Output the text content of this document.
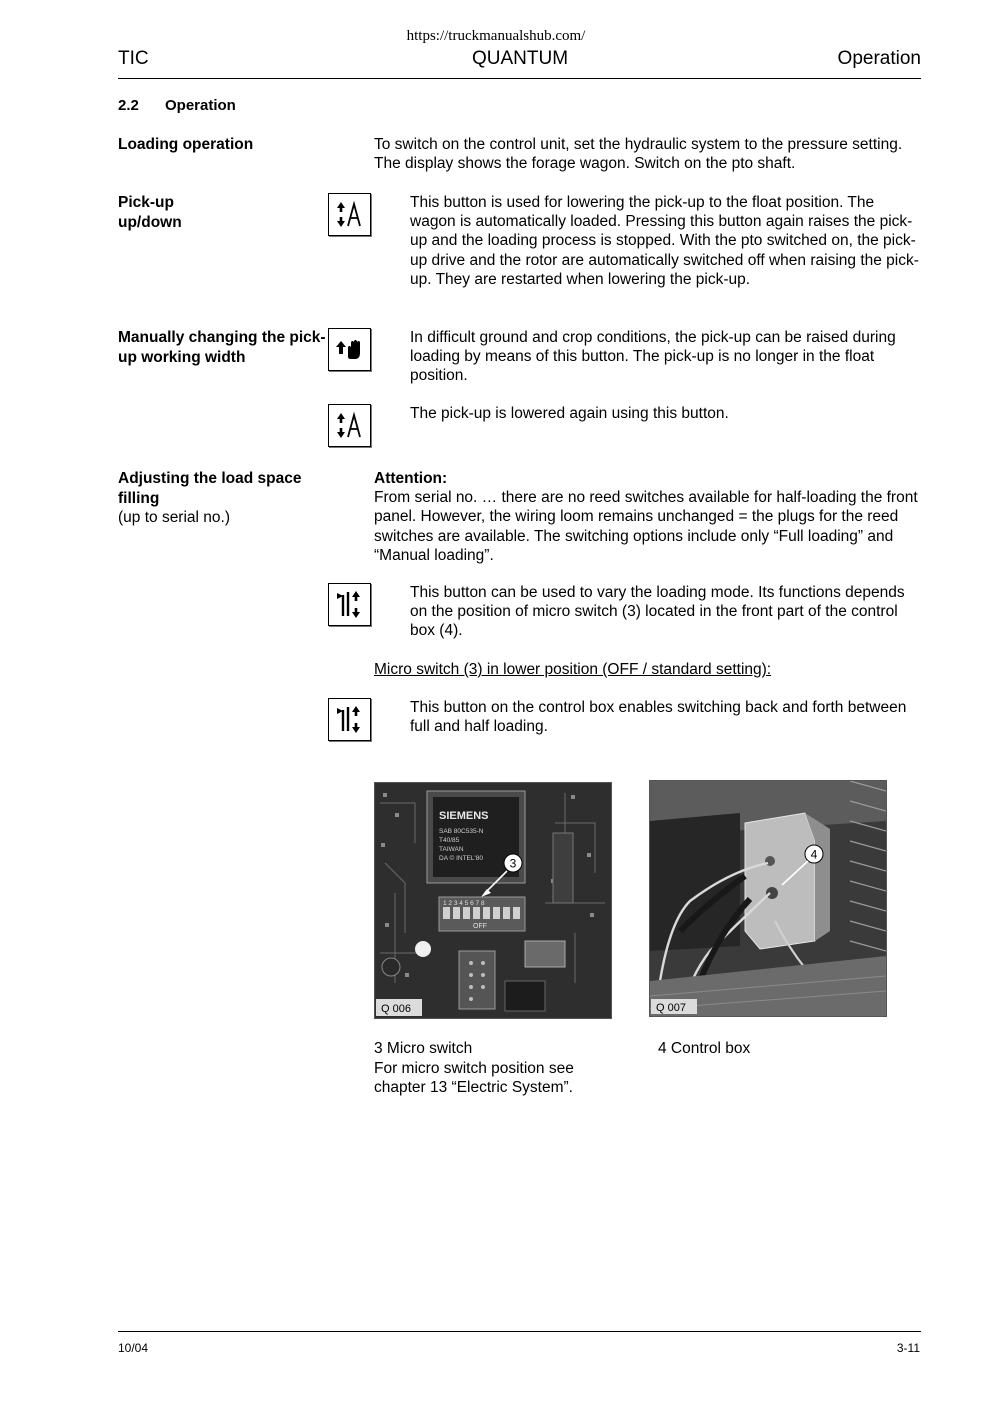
https://truckmanualshub.com/
TIC	QUANTUM	Operation
2.2 Operation
Loading operation	To switch on the control unit, set the hydraulic system to the pressure setting. The display shows the forage wagon. Switch on the pto shaft.
Pick-up
up/down
This button is used for lowering the pick-up to the float position. The wagon is automatically loaded. Pressing this button again raises the pick-up and the loading process is stopped. With the pto switched on, the pick-up drive and the rotor are automatically switched off when raising the pick-up. They are restarted when lowering the pick-up.
Manually changing the pick-up working width
In difficult ground and crop conditions, the pick-up can be raised during loading by means of this button. The pick-up is no longer in the float position.
The pick-up is lowered again using this button.
Adjusting the load space filling
(up to serial no.)
Attention:
From serial no. … there are no reed switches available for half-loading the front panel. However, the wiring loom remains unchanged = the plugs for the reed switches are available. The switching options include only “Full loading” and “Manual loading”.
This button can be used to vary the loading mode. Its functions depends on the position of micro switch (3) located in the front part of the control box (4).
Micro switch (3) in lower position (OFF / standard setting):
This button on the control box enables switching back and forth between full and half loading.
SIEMENS
SAB 80C535-N
T40/85
TAIWAN
DA © INTEL'80 3
1 2 3 4 5 6 7 8
OFF
Q 006
4
Q 007
3 Micro switch
For micro switch position see chapter 13 “Electric System”.
4 Control box
10/04	3-11
